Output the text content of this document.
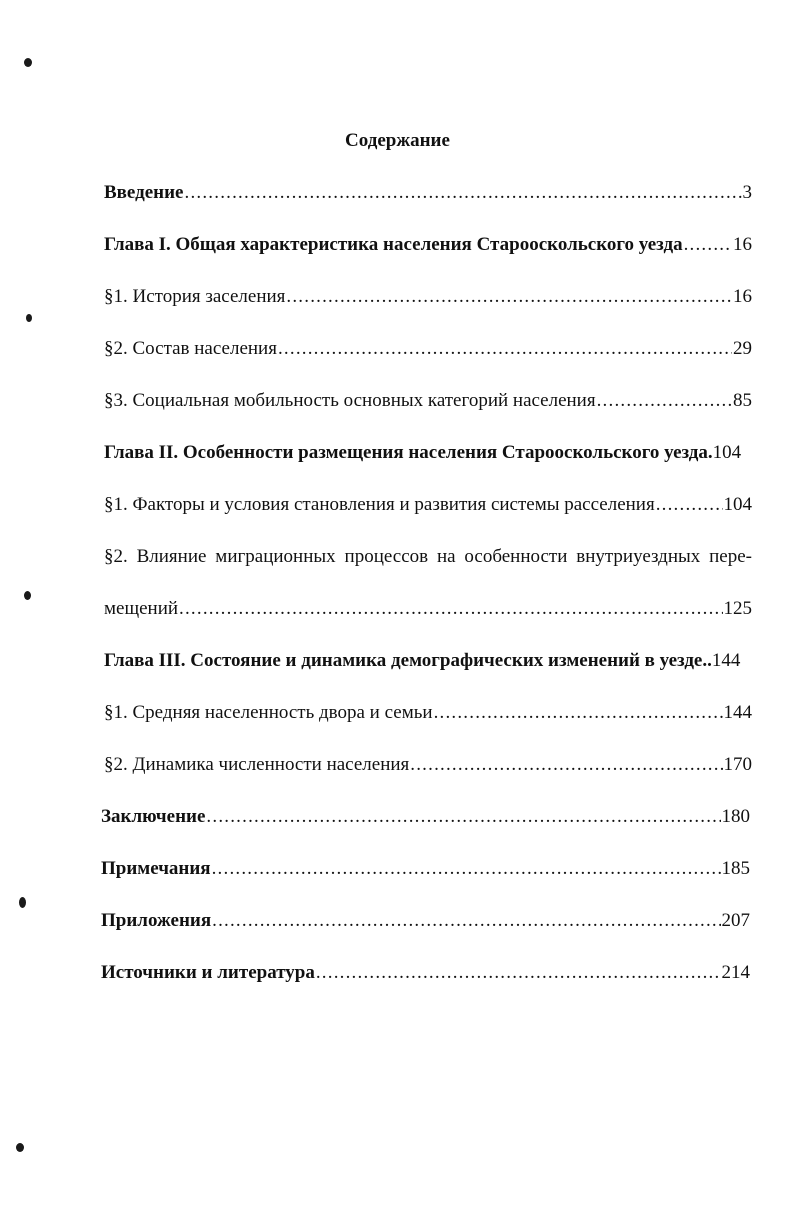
Содержание
Введение .....	3
Глава I. Общая характеристика населения Старооскольского уезда .....	16
§1. История заселения .....	16
§2. Состав населения .....	29
§3. Социальная мобильность основных категорий населения .....	85
Глава II. Особенности размещения населения Старооскольского уезда. 104
§1. Факторы и условия становления и развития системы расселения .....	104
§2. Влияние миграционных процессов на особенности внутриуездных пере-
мещений .....	125
Глава III. Состояние и динамика демографических изменений в уезде.. 144
§1. Средняя населенность двора и семьи .....	144
§2. Динамика численности населения .....	170
Заключение .....	180
Примечания .....	185
Приложения .....	207
Источники и литература .....	214
